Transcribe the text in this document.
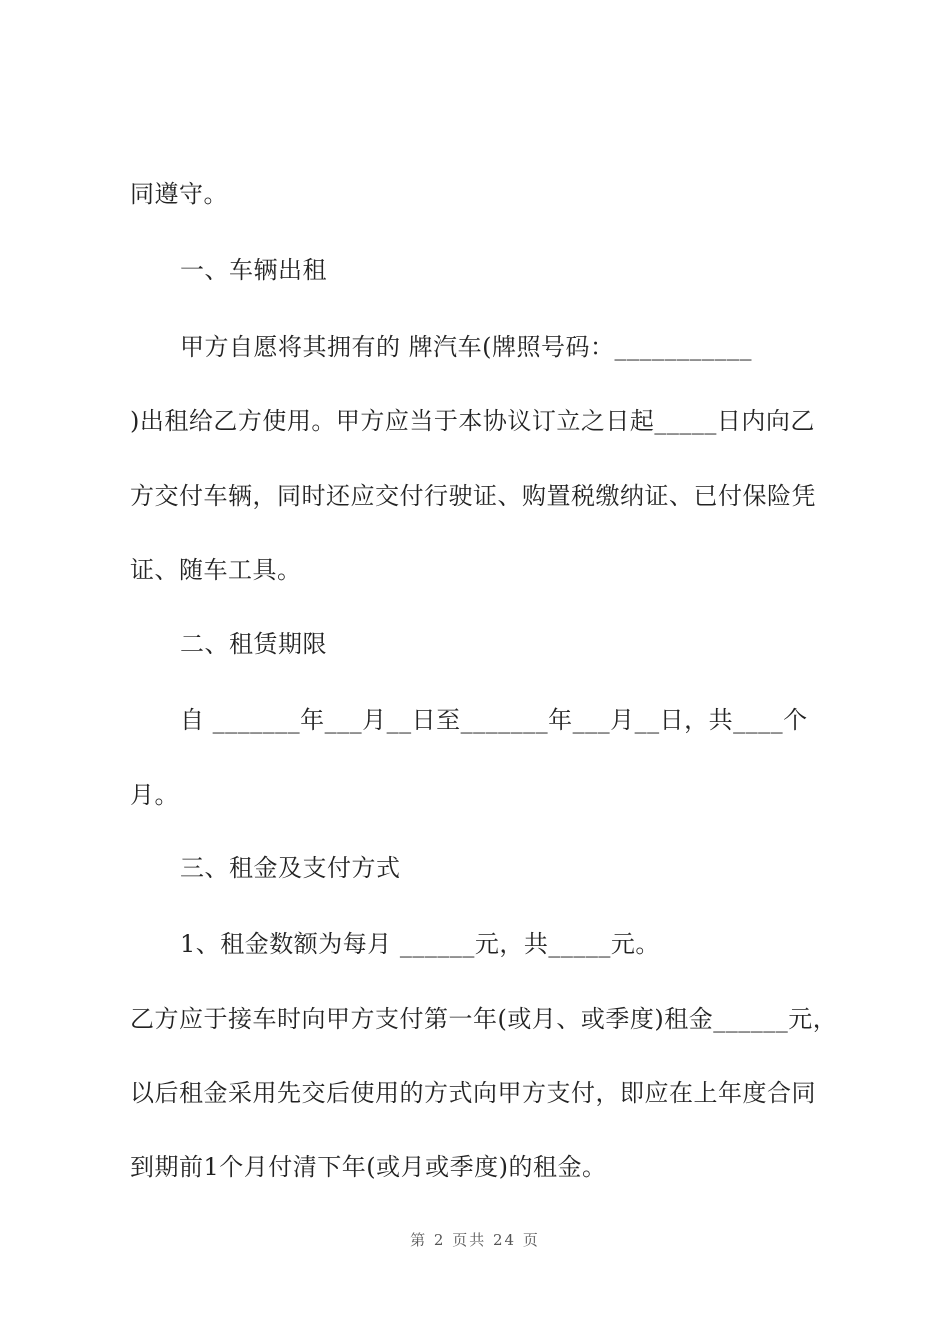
同遵守。
一、车辆出租
甲方自愿将其拥有的 牌汽车(牌照号码：___________
)出租给乙方使用。甲方应当于本协议订立之日起_____日内向乙
方交付车辆，同时还应交付行驶证、购置税缴纳证、已付保险凭
证、随车工具。
二、租赁期限
自 _______年___月__日至_______年___月__日，共____个
月。
三、租金及支付方式
1、租金数额为每月 ______元，共_____元。
乙方应于接车时向甲方支付第一年(或月、或季度)租金______元，
以后租金采用先交后使用的方式向甲方支付，即应在上年度合同
到期前1个月付清下年(或月或季度)的租金。
第 2 页共 24 页
